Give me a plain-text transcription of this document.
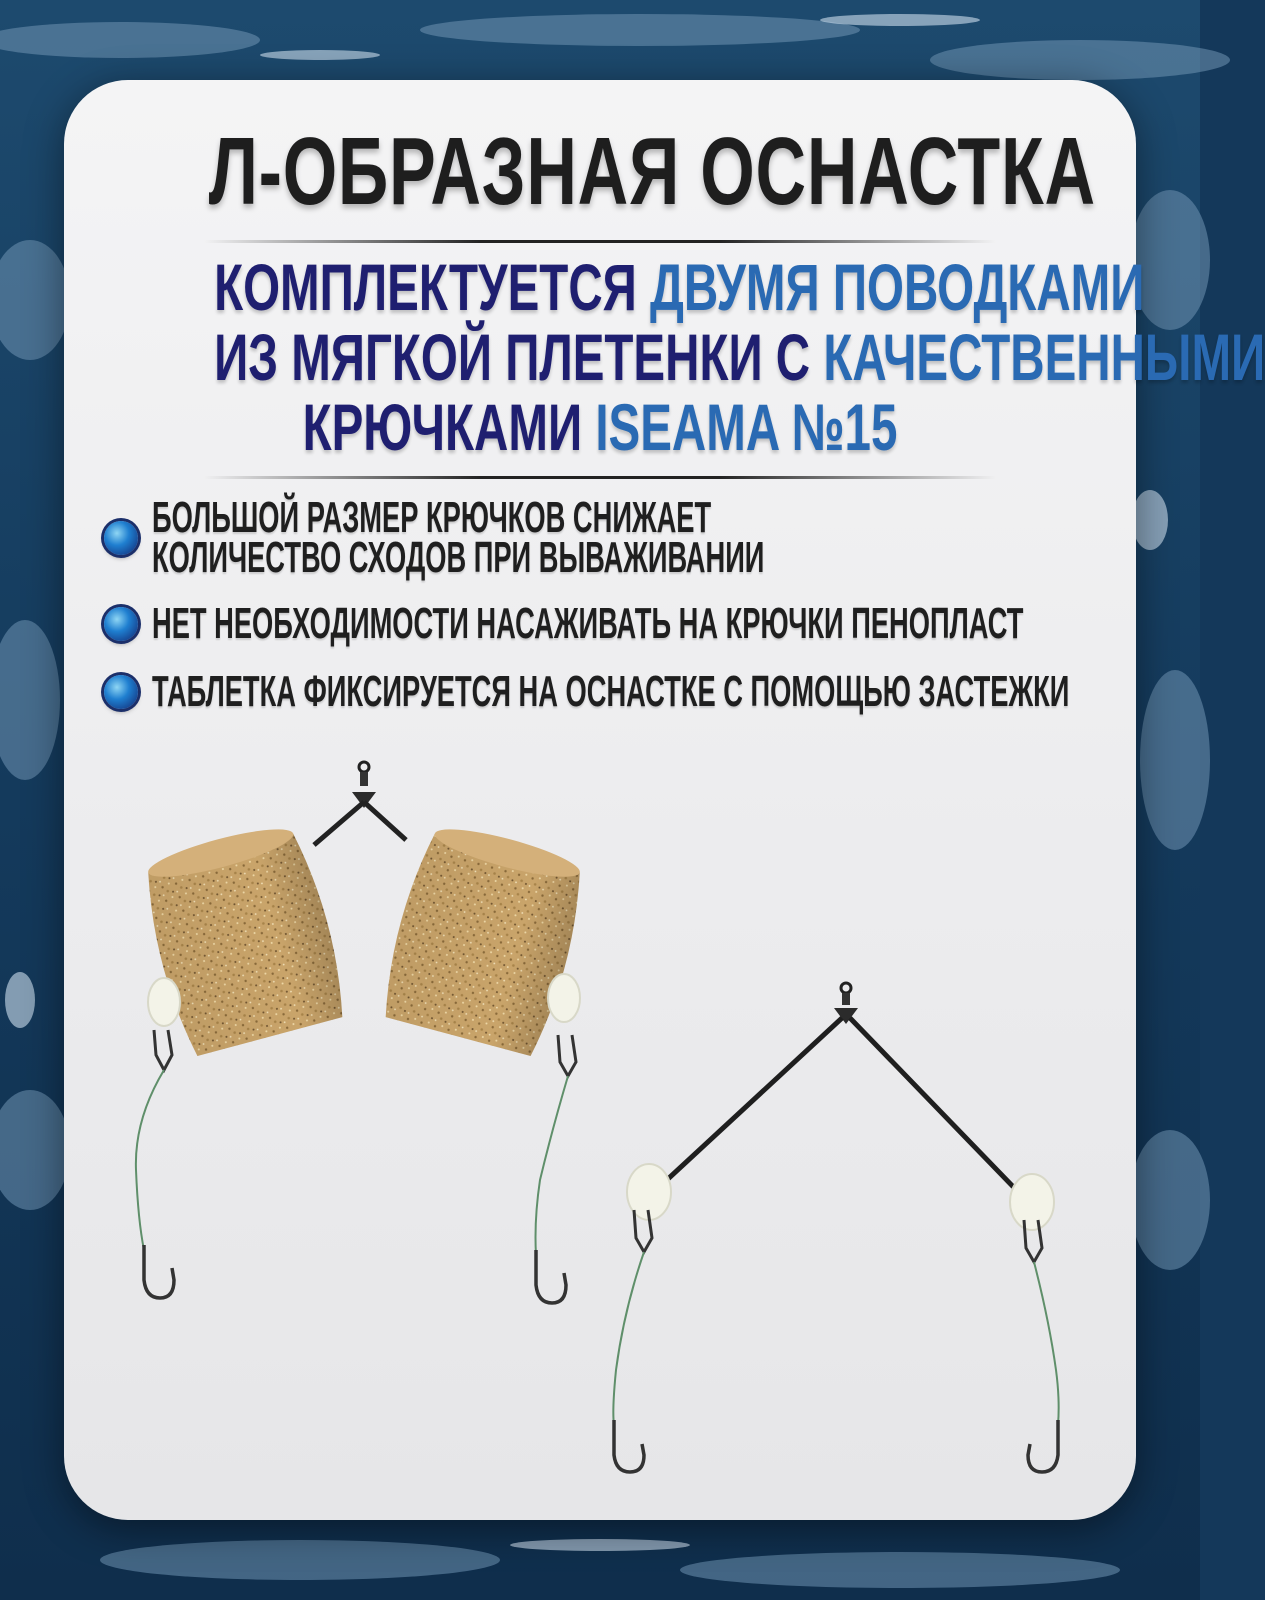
Л-ОБРАЗНАЯ ОСНАСТКА
КОМПЛЕКТУЕТСЯ ДВУМЯ ПОВОДКАМИ
ИЗ МЯГКОЙ ПЛЕТЕНКИ С КАЧЕСТВЕННЫМИ
КРЮЧКАМИ ISEAMA №15
БОЛЬШОЙ РАЗМЕР КРЮЧКОВ СНИЖАЕТ
КОЛИЧЕСТВО СХОДОВ ПРИ ВЫВАЖИВАНИИ
НЕТ НЕОБХОДИМОСТИ НАСАЖИВАТЬ НА КРЮЧКИ ПЕНОПЛАСТ
ТАБЛЕТКА ФИКСИРУЕТСЯ НА ОСНАСТКЕ С ПОМОЩЬЮ ЗАСТЕЖКИ
